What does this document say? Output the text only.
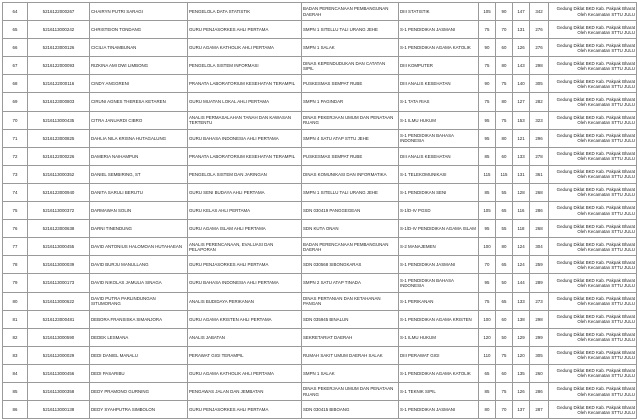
64	5216122000267	CHAIRYN PUTRI SARAGI	PENGELOLA DATA STATISTIK	BADAN PERENCANAAN PEMBANGUNAN DAERAH	DIII STATISTIK	105	90	147	342	Gedung Diklat BKD Kab. Pakpak Bharat
Oleh Kecamatan STTU JULU

65	5216113000242	CHRISTEION TONDANG	GURU PENJASORKES AHLI PERTAMA	SMPN 1 SITELLU TALI URANG JEHE	S-1 PENDIDIKAN JASMANI	75	70	131	276	Gedung Diklat BKD Kab. Pakpak Bharat
Oleh Kecamatan STTU JULU

66	5216123000126	CICILIA TINAMBUNAN	GURU AGAMA KATHOLIK AHLI PERTAMA	SMPN 1 SALAK	S-1 PENDIDIKAN AGAMA KATOLIK	90	60	126	276	Gedung Diklat BKD Kab. Pakpak Bharat
Oleh Kecamatan STTU JULU

67	5216122000093	RIZKINA AMI DWI LIMBONG	PENGELOLA SISTEM INFORMASI	DINAS KEPENDUDUKAN DAN CATATAN SIPIL	DIII KOMPUTER	75	80	143	298	Gedung Diklat BKD Kab. Pakpak Bharat
Oleh Kecamatan STTU JULU

68	5216122000116	CINDY ANGGRENI	PRANATA LABORATORIUM KESEHATAN TERAMPIL	PUSKESMAS SEMPAT RUBE	DIII ANALIS KESEHATAN	90	75	140	305	Gedung Diklat BKD Kab. Pakpak Bharat
Oleh Kecamatan STTU JULU

69	5216123000803	CIRUNI AGNES THERESA KETAREN	GURU MUATAN LOKAL AHLI PERTAMA	SMPN 1 PAGINDAR	S-1 TATA RIAS	75	80	127	282	Gedung Diklat BKD Kab. Pakpak Bharat
Oleh Kecamatan STTU JULU

70	5216113000435	CITRA JANUARDI CIBRO	ANALIS PERMASALAHAN TANAH DAN KAWASAN TERTENTU	DINAS PEKERJAAN UMUM DAN PENATAAN RUANG	S-1 ILMU HUKUM	95	75	153	323	Gedung Diklat BKD Kab. Pakpak Bharat
Oleh Kecamatan STTU JULU

71	5216123000825	DAHLIA NILA KRISNA HUTAGALUNG	GURU BAHASA INDONESIA AHLI PERTAMA	SMPN 4 SATU ATAP STTU JEHE	S-1 PENDIDIKAN BAHASA INDONESIA	95	80	121	296	Gedung Diklat BKD Kab. Pakpak Bharat
Oleh Kecamatan STTU JULU

72	5216122000226	DAMERIA NAIHAMPUN	PRANATA LABORATORIUM KESEHATAN TERAMPIL	PUSKESMAS SEMPAT RUBE	DIII ANALIS KESEHATAN	85	60	133	278	Gedung Diklat BKD Kab. Pakpak Bharat
Oleh Kecamatan STTU JULU

73	5216113000352	DANIEL SEMBIRING, ST	PENGELOLA SISTEM DAN JARINGAN	DINAS KOMUNIKASI DAN INFORMATIKA	S-1 TELEKOMUNIKASI	115	115	131	361	Gedung Diklat BKD Kab. Pakpak Bharat
Oleh Kecamatan STTU JULU

74	5216123000940	DANITA SARULI BERUTU	GURU SENI BUDAYA AHLI PERTAMA	SMPN 1 SITELLU TALI URANG JEHE	S-1 PENDIDIKAN SENI	85	55	128	268	Gedung Diklat BKD Kab. Pakpak Bharat
Oleh Kecamatan STTU JULU

75	5216113000372	DARMAWAN SOLIN	GURU KELAS AHLI PERTAMA	SDN 030419 PANGGEGEAN	S-1/D-IV PGSD	105	65	116	286	Gedung Diklat BKD Kab. Pakpak Bharat
Oleh Kecamatan STTU JULU

76	5216123000638	DARNI TINENDUNG	GURU AGAMA ISLAM AHLI PERTAMA	SDN KUTA ONAN	S-1/D-IV PENDIDIKAN AGAMA ISLAM	95	55	118	268	Gedung Diklat BKD Kab. Pakpak Bharat
Oleh Kecamatan STTU JULU

77	5216113000455	DAVID ANTONIUS HALOMOAN HUTAHAEAN	ANALIS PERENCANAAN, EVALUASI DAN PELAPORAN	BADAN PERENCANAAN PEMBANGUNAN DAERAH	S-2 MANAJEMEN	100	80	124	304	Gedung Diklat BKD Kab. Pakpak Bharat
Oleh Kecamatan STTU JULU

78	5216113000039	DAVID BURJU MANULLANG	GURU PENJASORKES AHLI PERTAMA	SDN 030568 SIBONGKARAS	S-1 PENDIDIKAN JASMANI	70	65	124	259	Gedung Diklat BKD Kab. Pakpak Bharat
Oleh Kecamatan STTU JULU

79	5216113000173	DAVID NIKOLAS JAMULIA SINAGA	GURU BAHASA INDONESIA AHLI PERTAMA	SMPN 2 SATU ATAP TINADA	S-1 PENDIDIKAN BAHASA INDONESIA	95	50	144	289	Gedung Diklat BKD Kab. Pakpak Bharat
Oleh Kecamatan STTU JULU

80	5216113000622	DAVID PUTRA PARLINDUNGAN SITUMORANG	ANALIS BUDIDAYA PERIKANAN	DINAS PERTANIAN DAN KETAHANAN PANGAN	S-1 PERIKANAN	75	65	133	273	Gedung Diklat BKD Kab. Pakpak Bharat
Oleh Kecamatan STTU JULU

81	5216123000481	DEBORA FRANSISKA SIMANJORA	GURU AGAMA KRISTEN AHLI PERTAMA	SDN 035945 BINALUN	S-1 PENDIDIKAN AGAMA KRISTEN	100	60	138	298	Gedung Diklat BKD Kab. Pakpak Bharat
Oleh Kecamatan STTU JULU

82	5216113000590	DEDEK LESMANA	ANALIS JABATAN	SEKRETARIAT DAERAH	S-1 ILMU HUKUM	120	50	129	299	Gedung Diklat BKD Kab. Pakpak Bharat
Oleh Kecamatan STTU JULU

83	5216112000029	DEDI DANIEL MANALU	PERAWAT GIGI TERAMPIL	RUMAH SAKIT UMUM DAERAH SALAK	DIII PERAWAT GIGI	110	75	120	305	Gedung Diklat BKD Kab. Pakpak Bharat
Oleh Kecamatan STTU JULU

84	5216113000456	DEDI PASARIBU	GURU AGAMA KATHOLIK AHLI PERTAMA	SMPN 1 SALAK	S-1 PENDIDIKAN AGAMA KATOLIK	65	60	135	260	Gedung Diklat BKD Kab. Pakpak Bharat
Oleh Kecamatan STTU JULU

85	5216113000358	DEDY PRAMONO GURNING	PENGAWAS JALAN DAN JEMBATAN	DINAS PEKERJAAN UMUM DAN PENATAAN RUANG	S-1 TEKNIK SIPIL	85	75	126	286	Gedung Diklat BKD Kab. Pakpak Bharat
Oleh Kecamatan STTU JULU

86	5216113000138	DEDY SYAHPUTRA SIMBOLON	GURU PENJASORKES AHLI PERTAMA	SDN 030415 BIBOANG	S-1 PENDIDIKAN JASMANI	80	70	137	287	Gedung Diklat BKD Kab. Pakpak Bharat
Oleh Kecamatan STTU JULU
